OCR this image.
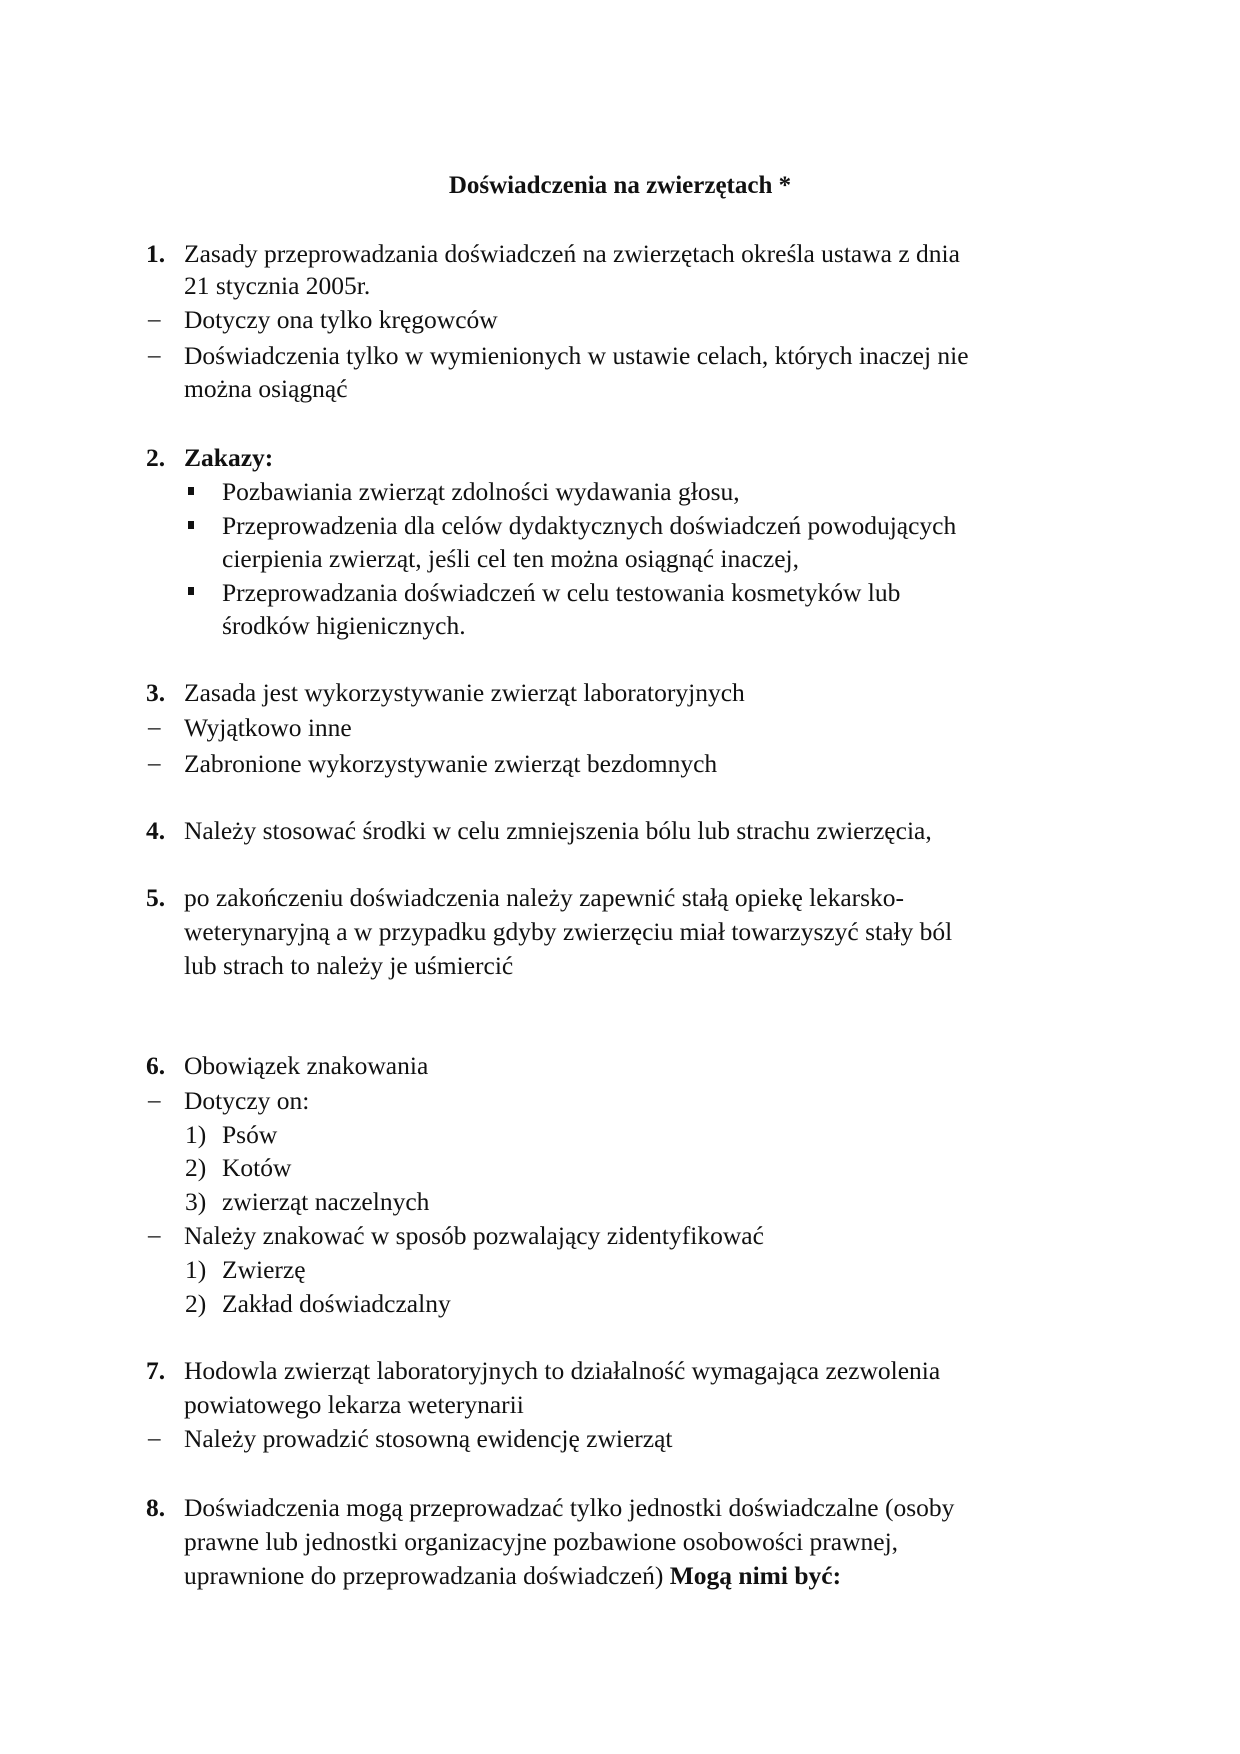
Doświadczenia na zwierzętach *
1. Zasady przeprowadzania doświadczeń na zwierzętach określa ustawa z dnia
21 stycznia 2005r.
– Dotyczy ona tylko kręgowców
– Doświadczenia tylko w wymienionych w ustawie celach, których inaczej nie
można osiągnąć
2. Zakazy:
Pozbawiania zwierząt zdolności wydawania głosu,
Przeprowadzenia dla celów dydaktycznych doświadczeń powodujących
cierpienia zwierząt, jeśli cel ten można osiągnąć inaczej,
Przeprowadzania doświadczeń w celu testowania kosmetyków lub
środków higienicznych.
3. Zasada jest wykorzystywanie zwierząt laboratoryjnych
– Wyjątkowo inne
– Zabronione wykorzystywanie zwierząt bezdomnych
4. Należy stosować środki w celu zmniejszenia bólu lub strachu zwierzęcia,
5. po zakończeniu doświadczenia należy zapewnić stałą opiekę lekarsko-
weterynaryjną a w przypadku gdyby zwierzęciu miał towarzyszyć stały ból
lub strach to należy je uśmiercić
6. Obowiązek znakowania
– Dotyczy on:
1) Psów
2) Kotów
3) zwierząt naczelnych
– Należy znakować w sposób pozwalający zidentyfikować
1) Zwierzę
2) Zakład doświadczalny
7. Hodowla zwierząt laboratoryjnych to działalność wymagająca zezwolenia
powiatowego lekarza weterynarii
– Należy prowadzić stosowną ewidencję zwierząt
8. Doświadczenia mogą przeprowadzać tylko jednostki doświadczalne (osoby
prawne lub jednostki organizacyjne pozbawione osobowości prawnej,
uprawnione do przeprowadzania doświadczeń) Mogą nimi być:
